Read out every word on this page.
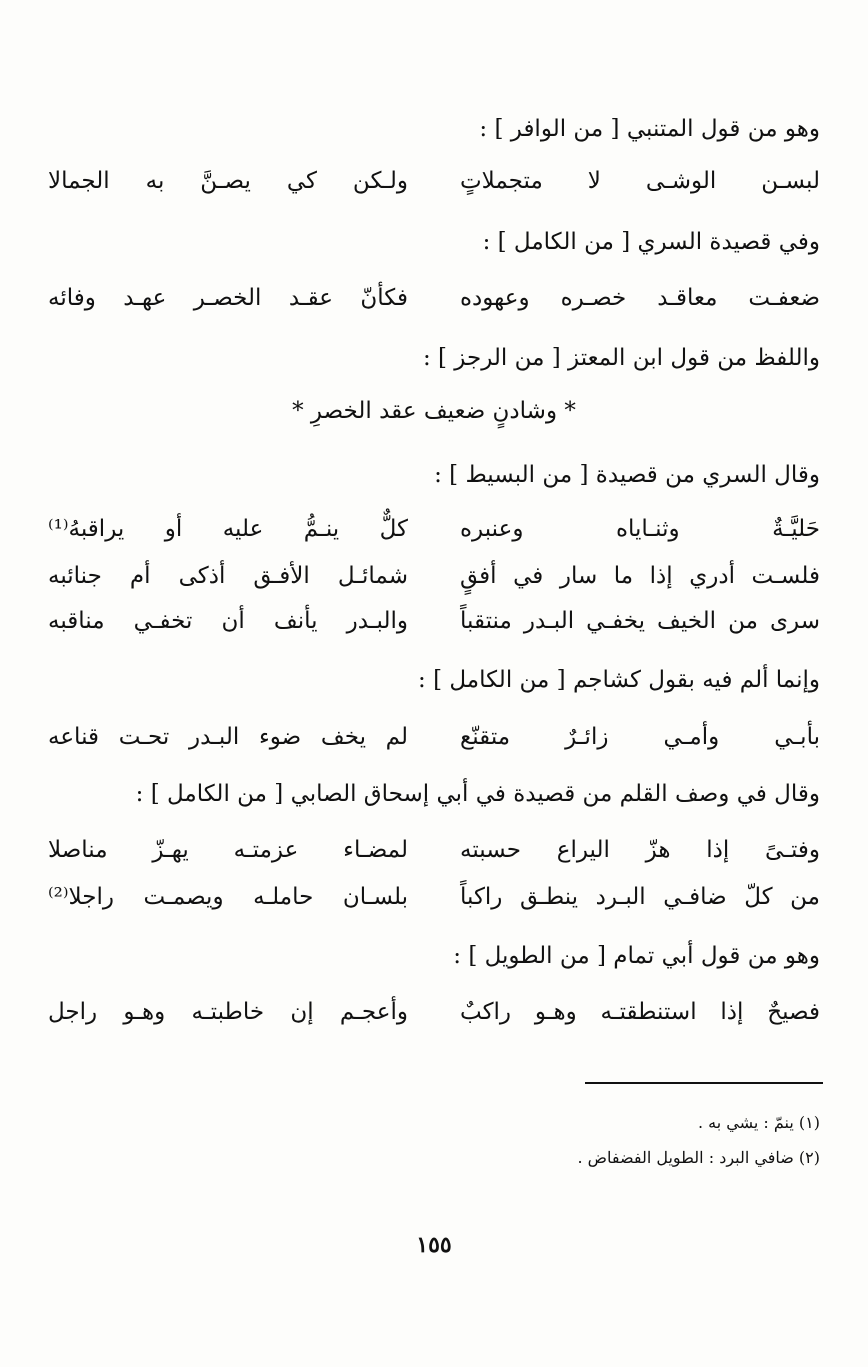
وهو من قول المتنبي [ من الوافر ] :
لبسـن الوشـى لا متجملاتٍ
ولـكن كي يصـنَّ به الجمالا
وفي قصيدة السري [ من الكامل ] :
ضعفـت معاقـد خصـره وعهوده
فكأنّ عقـد الخصـر عهـد وفائه
واللفظ من قول ابن المعتز [ من الرجز ] :
* وشادنٍ ضعيف عقد الخصرِ *
وقال السري من قصيدة [ من البسيط ] :
حَليَّـةٌ وثنـاياه وعنبره
كلٌّ ينـمُّ عليه أو يراقبهُ⁽¹⁾
فلسـت أدري إذا ما سار في أفقٍ
شمائـل الأفـق أذكى أم جنائبه
سرى من الخيف يخفـي البـدر منتقباً
والبـدر يأنف أن تخفـي مناقبه
وإنما ألم فيه بقول كشاجم [ من الكامل ] :
بأبـي وأمـي زائـرٌ متقنّع
لم يخف ضوء البـدر تحـت قناعه
وقال في وصف القلم من قصيدة في أبي إسحاق الصابي [ من الكامل ] :
وفتـىً إذا هزّ اليراع حسبته
لمضـاء عزمتـه يهـزّ مناصلا
من كلّ ضافـي البـرد ينطـق راكباً
بلسـان حاملـه ويصمـت راجلا⁽²⁾
وهو من قول أبي تمام [ من الطويل ] :
فصيحٌ إذا استنطقتـه وهـو راكبٌ
وأعجـم إن خاطبتـه وهـو راجل
(١) ينمّ : يشي به .
(٢) ضافي البرد : الطويل الفضفاض .
١٥٥
